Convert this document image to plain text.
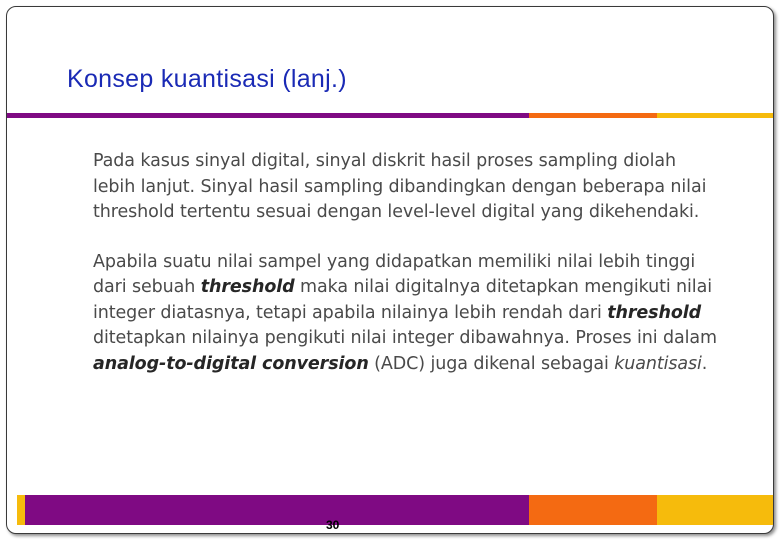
Konsep kuantisasi (lanj.)

Pada kasus sinyal digital, sinyal diskrit hasil proses sampling diolah lebih lanjut. Sinyal hasil sampling dibandingkan dengan beberapa nilai threshold tertentu sesuai dengan level-level digital yang dikehendaki.

Apabila suatu nilai sampel yang didapatkan memiliki nilai lebih tinggi dari sebuah threshold maka nilai digitalnya ditetapkan mengikuti nilai integer diatasnya, tetapi apabila nilainya lebih rendah dari threshold ditetapkan nilainya pengikuti nilai integer dibawahnya. Proses ini dalam analog-to-digital conversion (ADC) juga dikenal sebagai kuantisasi.

30
